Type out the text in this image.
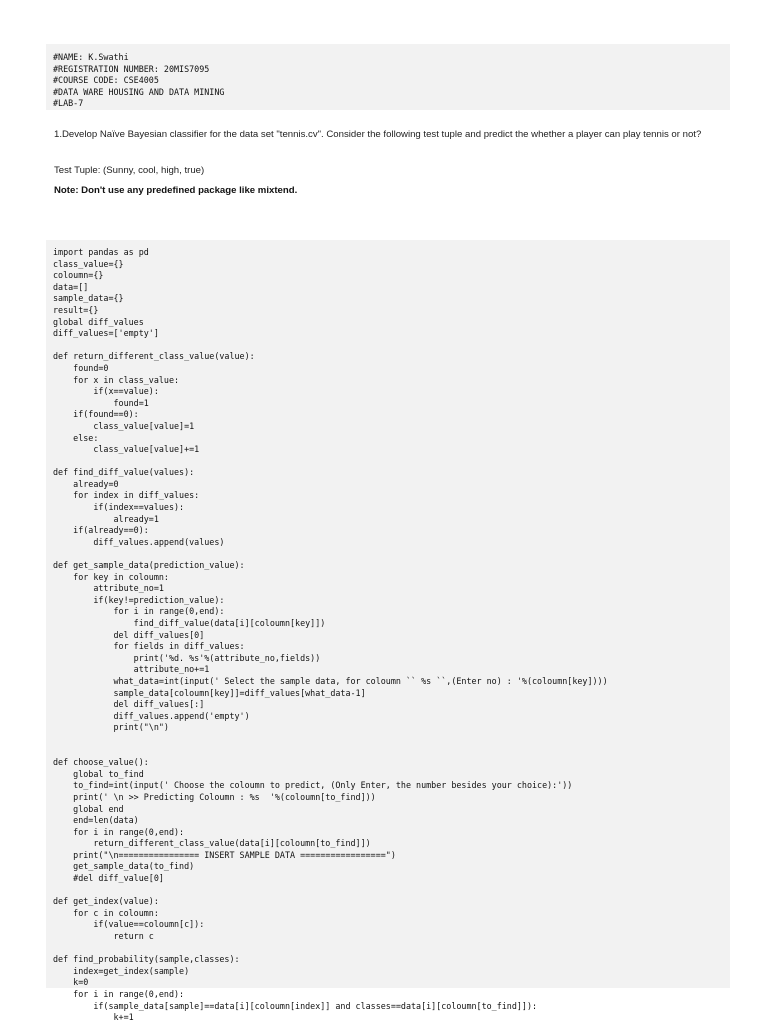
#NAME: K.Swathi
#REGISTRATION NUMBER: 20MIS7095
#COURSE CODE: CSE4005
#DATA WARE HOUSING AND DATA MINING
#LAB-7
1.Develop Naïve Bayesian classifier for the data set "tennis.cv". Consider the following test tuple and predict the whether a player can play tennis or not?
Test Tuple: (Sunny, cool, high, true)
Note: Don't use any predefined package like mixtend.
import pandas as pd
class_value={}
coloumn={}
data=[]
sample_data={}
result={}
global diff_values
diff_values=['empty']

def return_different_class_value(value):
found=0
for x in class_value:
if(x==value):
found=1
if(found==0):
class_value[value]=1
else:
class_value[value]+=1

def find_diff_value(values):
already=0
for index in diff_values:
if(index==values):
already=1
if(already==0):
diff_values.append(values)

def get_sample_data(prediction_value):
for key in coloumn:
attribute_no=1
if(key!=prediction_value):
for i in range(0,end):
find_diff_value(data[i][coloumn[key]])
del diff_values[0]
for fields in diff_values:
print('%d. %s'%(attribute_no,fields))
attribute_no+=1
what_data=int(input(' Select the sample data, for coloumn `` %s ``,(Enter no) : '%(coloumn[key])))
sample_data[coloumn[key]]=diff_values[what_data-1]
del diff_values[:]
diff_values.append('empty')
print("\n")

def choose_value():
global to_find
to_find=int(input(' Choose the coloumn to predict, (Only Enter, the number besides your choice):'))
print(' \n >> Predicting Coloumn : %s  '%(coloumn[to_find]))
global end
end=len(data)
for i in range(0,end):
return_different_class_value(data[i][coloumn[to_find]])
print("\n================ INSERT SAMPLE DATA =================")
get_sample_data(to_find)
#del diff_value[0]

def get_index(value):
for c in coloumn:
if(value==coloumn[c]):
return c

def find_probability(sample,classes):
index=get_index(sample)
k=0
for i in range(0,end):
if(sample_data[sample]==data[i][coloumn[index]] and classes==data[i][coloumn[to_find]]):
k+=1
